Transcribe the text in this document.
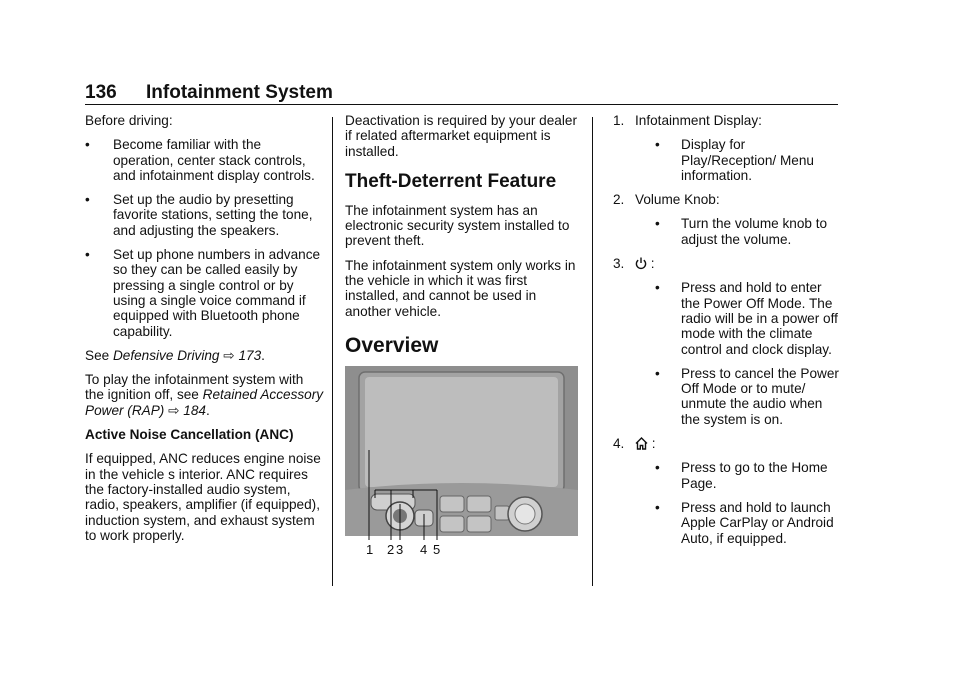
136 Infotainment System

Before driving:

• Become familiar with the operation, center stack controls, and infotainment display controls.
• Set up the audio by presetting favorite stations, setting the tone, and adjusting the speakers.
• Set up phone numbers in advance so they can be called easily by pressing a single control or by using a single voice command if equipped with Bluetooth phone capability.

See Defensive Driving ⇨ 173.

To play the infotainment system with the ignition off, see Retained Accessory Power (RAP) ⇨ 184.

Active Noise Cancellation (ANC)

If equipped, ANC reduces engine noise in the vehicle s interior. ANC requires the factory-installed audio system, radio, speakers, amplifier (if equipped), induction system, and exhaust system to work properly.

Deactivation is required by your dealer if related aftermarket equipment is installed.

Theft-Deterrent Feature

The infotainment system has an electronic security system installed to prevent theft.

The infotainment system only works in the vehicle in which it was first installed, and cannot be used in another vehicle.

Overview
1 2 3 4 5
1. Infotainment Display:
• Display for Play/Reception/ Menu information.
2. Volume Knob:
• Turn the volume knob to adjust the volume.
3. :
• Press and hold to enter the Power Off Mode. The radio will be in a power off mode with the climate control and clock display.
• Press to cancel the Power Off Mode or to mute/ unmute the audio when the system is on.
4. :
• Press to go to the Home Page.
• Press and hold to launch Apple CarPlay or Android Auto, if equipped.
